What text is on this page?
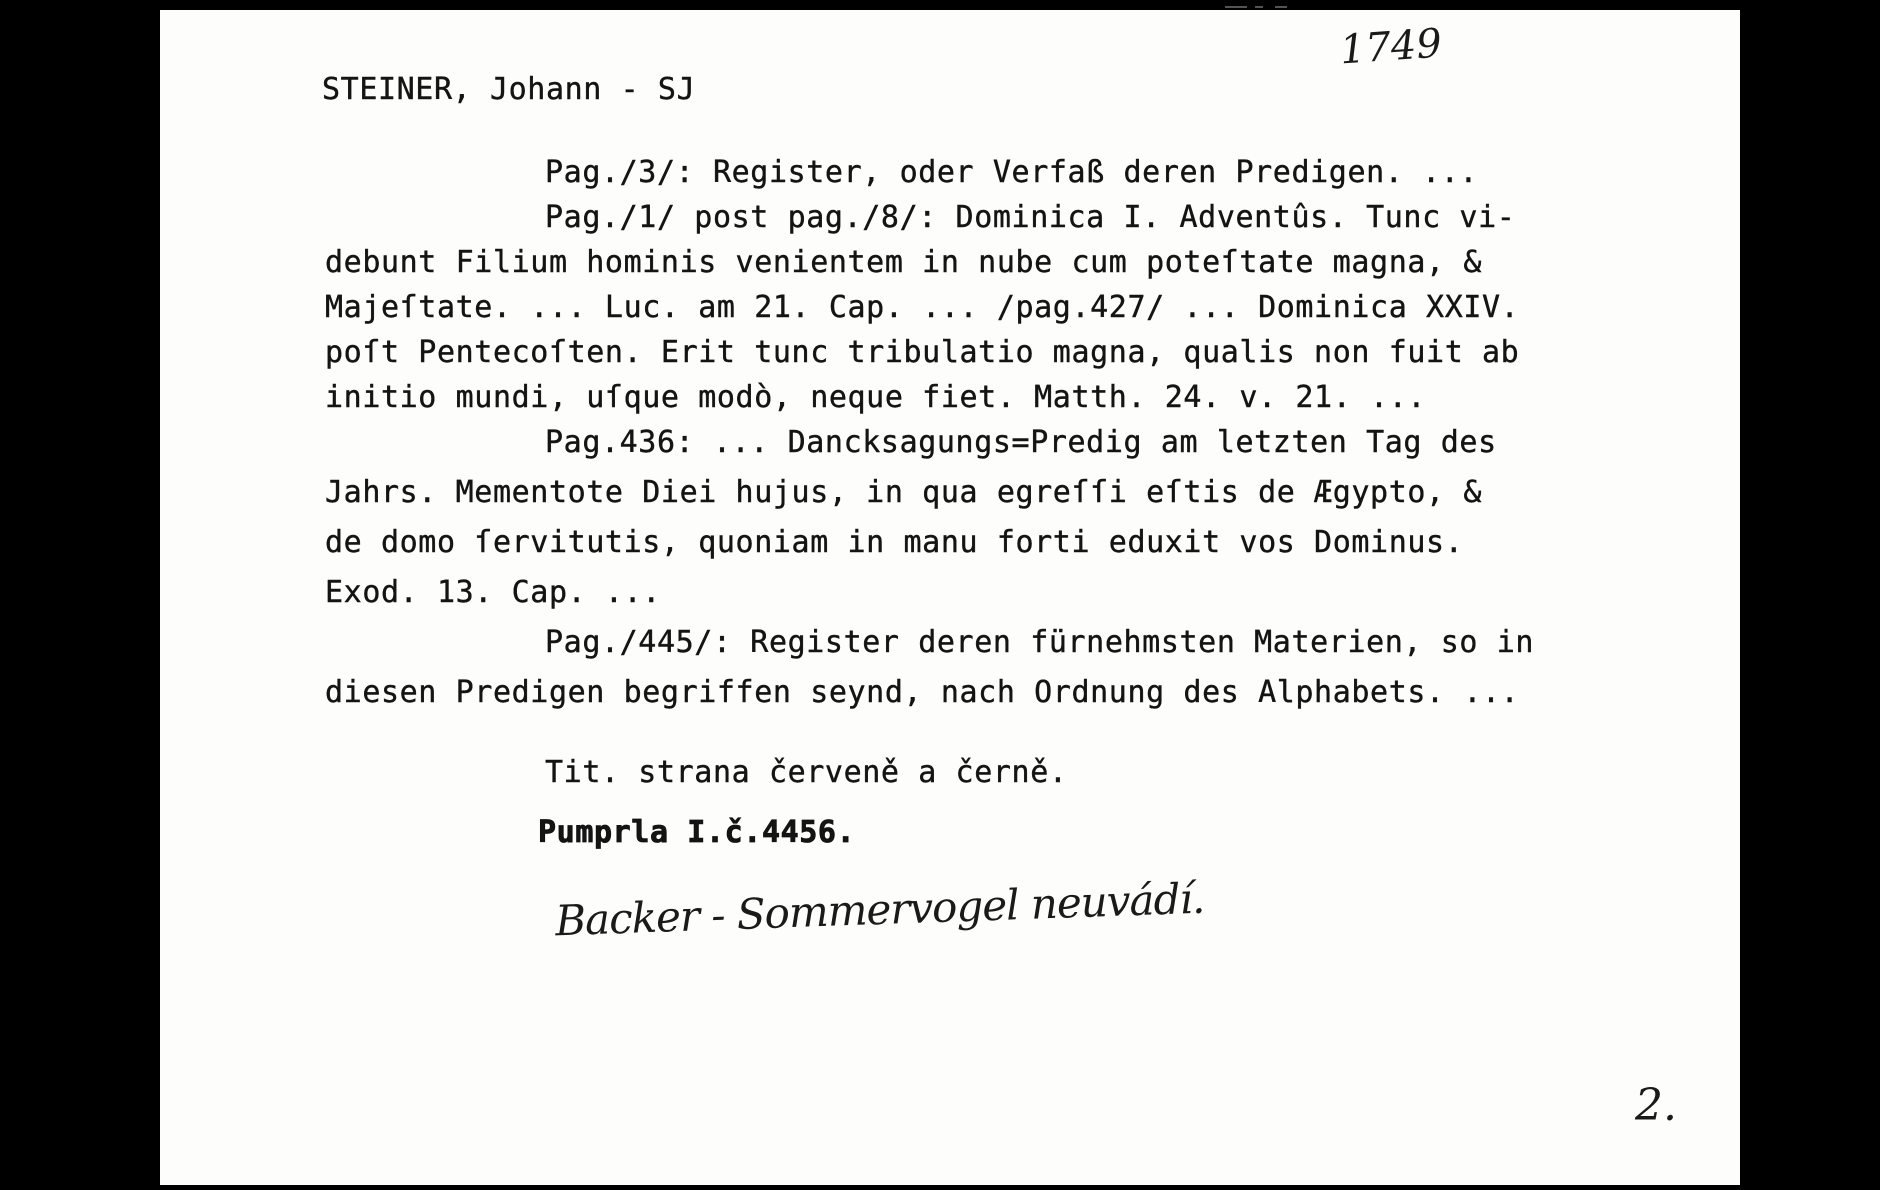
1749
STEINER, Johann - SJ
Pag./3/: Register, oder Verfaß deren Predigen. ...
Pag./1/ post pag./8/: Dominica I. Adventûs. Tunc vi-
debunt Filium hominis venientem in nube cum poteſtate magna, &
Majeſtate. ... Luc. am 21. Cap. ... /pag.427/ ... Dominica XXIV.
poſt Pentecoſten. Erit tunc tribulatio magna, qualis non fuit ab
initio mundi, uſque modò, neque fiet. Matth. 24. v. 21. ...
Pag.436: ... Dancksagungs=Predig am letzten Tag des
Jahrs. Mementote Diei hujus, in qua egreſſi eſtis de Ægypto, &
de domo ſervitutis, quoniam in manu forti eduxit vos Dominus.
Exod. 13. Cap. ...
Pag./445/: Register deren fürnehmsten Materien, so in
diesen Predigen begriffen seynd, nach Ordnung des Alphabets. ...
Tit. strana červeně a černě.
Pumprla I.č.4456.
Backer - Sommervogel neuvádí.
2.
